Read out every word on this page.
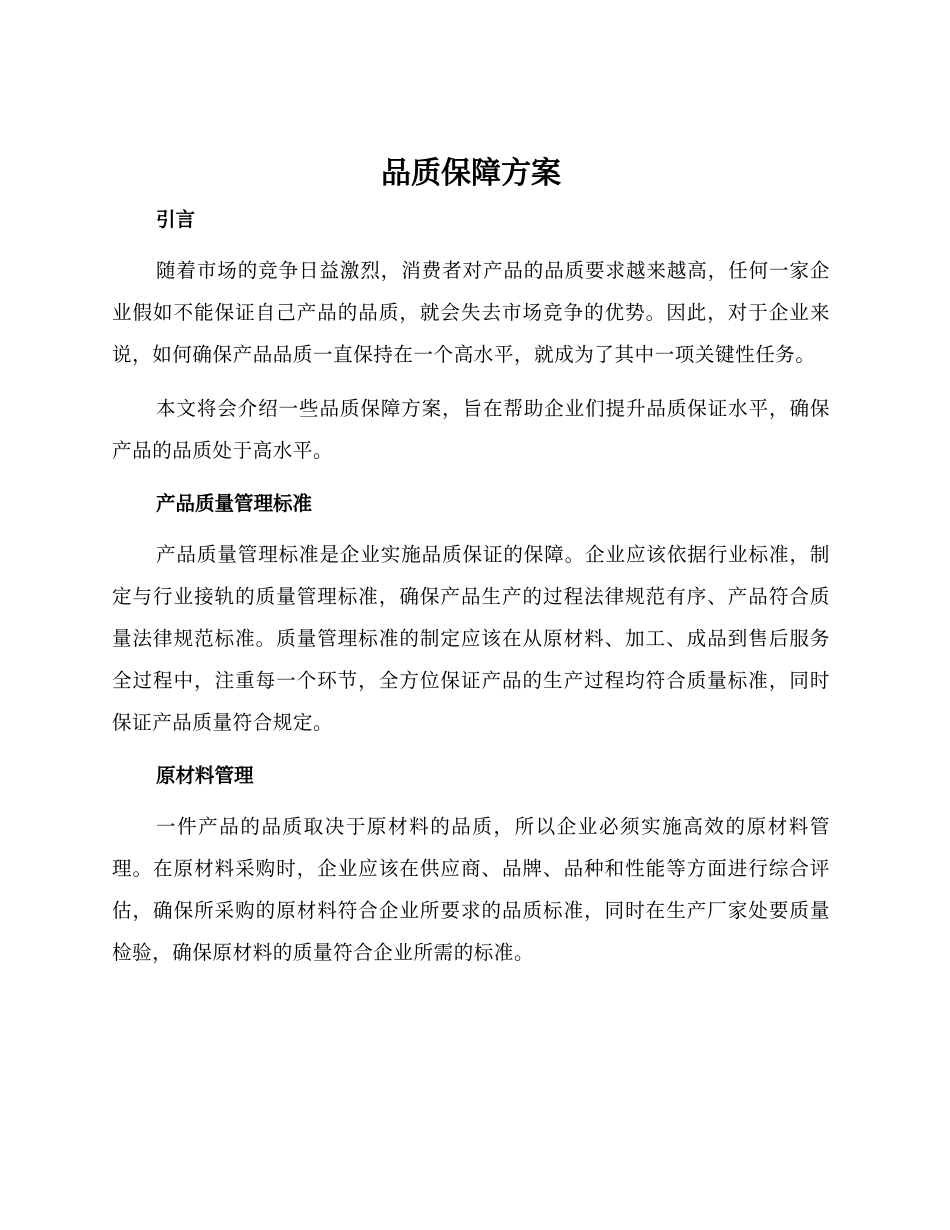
品质保障方案
引言

随着市场的竞争日益激烈，消费者对产品的品质要求越来越高，任何一家企业假如不能保证自己产品的品质，就会失去市场竞争的优势。因此，对于企业来说，如何确保产品品质一直保持在一个高水平，就成为了其中一项关键性任务。

本文将会介绍一些品质保障方案，旨在帮助企业们提升品质保证水平，确保产品的品质处于高水平。

产品质量管理标准

产品质量管理标准是企业实施品质保证的保障。企业应该依据行业标准，制定与行业接轨的质量管理标准，确保产品生产的过程法律规范有序、产品符合质量法律规范标准。质量管理标准的制定应该在从原材料、加工、成品到售后服务全过程中，注重每一个环节，全方位保证产品的生产过程均符合质量标准，同时保证产品质量符合规定。

原材料管理

一件产品的品质取决于原材料的品质，所以企业必须实施高效的原材料管理。在原材料采购时，企业应该在供应商、品牌、品种和性能等方面进行综合评估，确保所采购的原材料符合企业所要求的品质标准，同时在生产厂家处要质量检验，确保原材料的质量符合企业所需的标准。
